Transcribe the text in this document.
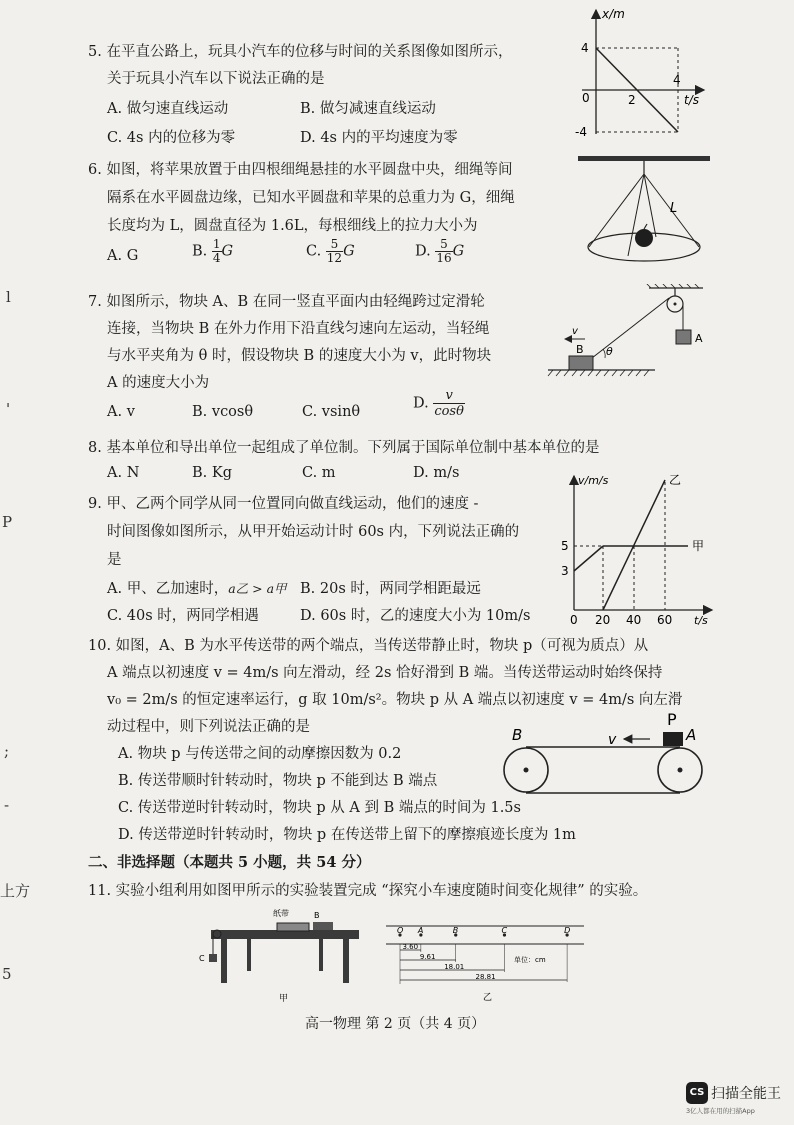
l
'
P
;
-
上方
5
5. 在平直公路上，玩具小汽车的位移与时间的关系图像如图所示，
关于玩具小汽车以下说法正确的是
A. 做匀速直线运动	B. 做匀减速直线运动
C. 4s 内的位移为零	D. 4s 内的平均速度为零
x/m
t/s
4
-4
0	2
4
6. 如图，将苹果放置于由四根细绳悬挂的水平圆盘中央，细绳等间
隔系在水平圆盘边缘，已知水平圆盘和苹果的总重力为 G，细绳
长度均为 L，圆盘直径为 1.6L，每根细线上的拉力大小为
A. G	B. $\frac{1}{4}$ G	C. $\frac{5}{12}$ G	D. $\frac{5}{16}$ G
L
7. 如图所示，物块 A、B 在同一竖直平面内由轻绳跨过定滑轮
连接，当物块 B 在外力作用下沿直线匀速向左运动，当轻绳
与水平夹角为 θ 时，假设物块 B 的速度大小为 v，此时物块
A 的速度大小为
A. v	B. vcosθ	C. vsinθ
D. $\frac{v}{\cos\theta}$
A
B
v
θ
8. 基本单位和导出单位一起组成了单位制。下列属于国际单位制中基本单位的是
A. N	B. Kg	C. m	D. m/s
9. 甲、乙两个同学从同一位置同向做直线运动，他们的速度 -
时间图像如图所示，从甲开始运动计时 60s 内，下列说法正确的
是
A. 甲、乙加速时，a乙 > a甲 B. 20s 时，两同学相距最远
C. 40s 时，两同学相遇	D. 60s 时，乙的速度大小为 10m/s
v/m/s
t/s
甲
乙
5
3
0 20 40 60
10. 如图，A、B 为水平传送带的两个端点，当传送带静止时，物块 p（可视为质点）从
A 端点以初速度 v = 4m/s 向左滑动，经 2s 恰好滑到 B 端。当传送带运动时始终保持
v₀ = 2m/s 的恒定速率运行，g 取 10m/s²。物块 p 从 A 端点以初速度 v = 4m/s 向左滑
动过程中，则下列说法正确的是
A. 物块 p 与传送带之间的动摩擦因数为 0.2
B. 传送带顺时针转动时，物块 p 不能到达 B 端点
C. 传送带逆时针转动时，物块 p 从 A 到 B 端点的时间为 1.5s
D. 传送带逆时针转动时，物块 p 在传送带上留下的摩擦痕迹长度为 1m
B	A
P
v
二、非选择题（本题共 5 小题，共 54 分）
11. 实验小组利用如图甲所示的实验装置完成 “探究小车速度随时间变化规律” 的实验。
C
纸带	B
甲
O A	B	C	D
3.60
9.61
18.01
28.81
单位：cm
乙
高一物理 第 2 页（共 4 页）
CS 扫描全能王
3亿人都在用的扫描App
